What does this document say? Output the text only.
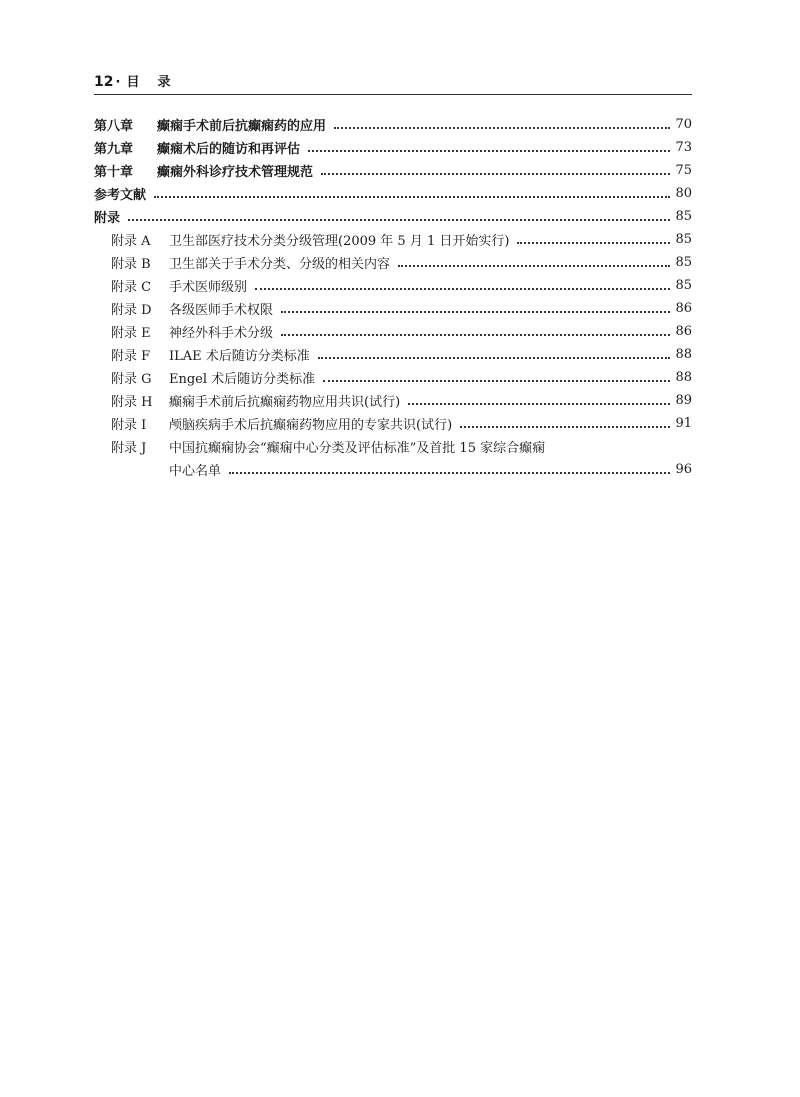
12 · 目录
第八章	癫痫手术前后抗癫痫药的应用	70
第九章	癫痫术后的随访和再评估	73
第十章	癫痫外科诊疗技术管理规范	75
参考文献	80
附录	85
附录 A	卫生部医疗技术分类分级管理(2009 年 5 月 1 日开始实行)	85
附录 B	卫生部关于手术分类、分级的相关内容	85
附录 C	手术医师级别	85
附录 D	各级医师手术权限	86
附录 E	神经外科手术分级	86
附录 F	ILAE 术后随访分类标准	88
附录 G	Engel 术后随访分类标准	88
附录 H	癫痫手术前后抗癫痫药物应用共识(试行)	89
附录 I	颅脑疾病手术后抗癫痫药物应用的专家共识(试行)	91
附录 J	中国抗癫痫协会“癫痫中心分类及评估标准”及首批 15 家综合癫痫
中心名单	96
